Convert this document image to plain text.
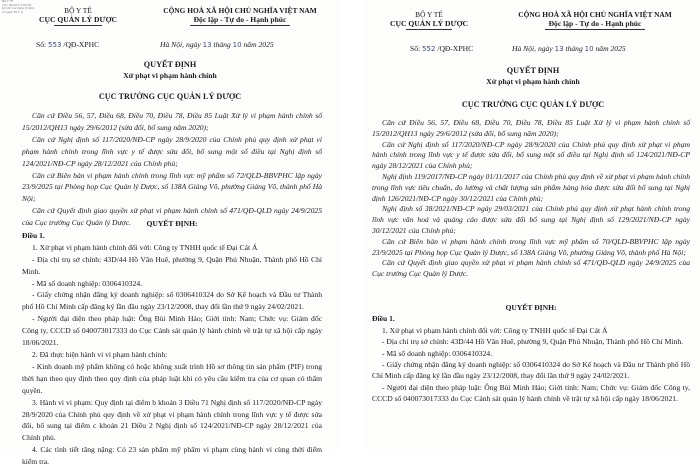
BỘ Y TẾ
CỤC QUẢN LÝ DƯỢC
Ký bởi: Cục Quản lý Dược
Cơ quan: Bộ Y tế	BỘ Y TẾ
CỤC QUẢN LÝ DƯỢC
CỘNG HOÀ XÃ HỘI CHỦ NGHĨA VIỆT NAM
Độc lập - Tự do - Hạnh phúc
Số: 553 /QĐ-XPHC	Hà Nội, ngày 13 tháng 10 năm 2025
QUYẾT ĐỊNH
Xử phạt vi phạm hành chính
CỤC TRƯỞNG CỤC QUẢN LÝ DƯỢC

Căn cứ Điều 56, 57, Điều 68, Điều 70, Điều 78, Điều 85 Luật Xử lý vi phạm hành chính số 15/2012/QH13 ngày 29/6/2012 (sửa đổi, bổ sung năm 2020);

Căn cứ Nghị định số 117/2020/NĐ-CP ngày 28/9/2020 của Chính phủ quy định xử phạt vi phạm hành chính trong lĩnh vực y tế được sửa đổi, bổ sung một số điều tại Nghị định số 124/2021/NĐ-CP ngày 28/12/2021 của Chính phủ;

Căn cứ Biên bản vi phạm hành chính trong lĩnh vực mỹ phẩm số 72/QLD-BBVPHC lập ngày 23/9/2025 tại Phòng họp Cục Quản lý Dược, số 138A Giảng Võ, phường Giảng Võ, thành phố Hà Nội;

Căn cứ Quyết định giao quyền xử phạt vi phạm hành chính số 471/QĐ-QLD ngày 24/9/2025 của Cục trưởng Cục Quản lý Dược.	QUYẾT ĐỊNH:

Điều 1.

1. Xử phạt vi phạm hành chính đối với: Công ty TNHH quốc tế Đại Cát Á

- Địa chỉ trụ sở chính: 43D/44 Hồ Văn Huê, phường 9, Quận Phú Nhuận, Thành phố Hồ Chí Minh.

- Mã số doanh nghiệp: 0306410324.

- Giấy chứng nhận đăng ký doanh nghiệp: số 0306410324 do Sở Kế hoạch và Đầu tư Thành phố Hồ Chí Minh cấp đăng ký lần đầu ngày 23/12/2008, thay đổi lần thứ 9 ngày 24/02/2021.

- Người đại diện theo pháp luật: Ông Bùi Minh Hảo; Giới tính: Nam; Chức vụ: Giám đốc Công ty, CCCD số 040073017333 do Cục Cảnh sát quản lý hành chính về trật tự xã hội cấp ngày 18/06/2021.

2. Đã thực hiện hành vi vi phạm hành chính:

- Kinh doanh mỹ phẩm không có hoặc không xuất trình Hồ sơ thông tin sản phẩm (PIF) trong thời hạn theo quy định theo quy định của pháp luật khi có yêu cầu kiểm tra của cơ quan có thẩm quyền.

3. Hành vi vi phạm: Quy định tại điểm b khoản 3 Điều 71 Nghị định số 117/2020/NĐ-CP ngày 28/9/2020 của Chính phủ quy định về xử phạt vi phạm hành chính trong lĩnh vực y tế được sửa đổi, bổ sung tại điểm c khoản 21 Điều 2 Nghị định số 124/2021/NĐ-CP ngày 28/12/2021 của Chính phủ.

4. Các tình tiết tăng nặng: Có 23 sản phẩm mỹ phẩm vi phạm cùng hành vi cùng thời điểm kiểm tra.

BỘ Y TẾ
CỤC QUẢN LÝ DƯỢC
CỘNG HOÀ XÃ HỘI CHỦ NGHĨA VIỆT NAM
Độc lập - Tự do - Hạnh phúc
Số: 552 /QĐ-XPHC	Hà Nội, ngày 13 tháng 10 năm 2025
QUYẾT ĐỊNH
Xử phạt vi phạm hành chính
CỤC TRƯỞNG CỤC QUẢN LÝ DƯỢC

Căn cứ Điều 56, 57, Điều 68, Điều 70, Điều 78, Điều 85 Luật Xử lý vi phạm hành chính số 15/2012/QH13 ngày 29/6/2012 (sửa đổi, bổ sung năm 2020);

Căn cứ Nghị định số 117/2020/NĐ-CP ngày 28/9/2020 của Chính phủ quy định xử phạt vi phạm hành chính trong lĩnh vực y tế được sửa đổi, bổ sung một số điều tại Nghị định số 124/2021/NĐ-CP ngày 28/12/2021 của Chính phủ;

Nghị định 119/2017/NĐ-CP ngày 01/11/2017 của Chính phủ quy định về xử phạt vi phạm hành chính trong lĩnh vực tiêu chuẩn, đo lường và chất lượng sản phẩm hàng hóa được sửa đổi bổ sung tại Nghị định 126/2021/NĐ-CP ngày 30/12/2021 của Chính phủ;

Nghị định số 38/2021/NĐ-CP ngày 29/03/2021 của Chính phủ quy định xử phạt hành chính trong lĩnh vực văn hoá và quảng cáo được sửa đổi bổ sung tại Nghị định số 129/2021/NĐ-CP ngày 30/12/2021 của Chính phủ;

Căn cứ Biên bản vi phạm hành chính trong lĩnh vực mỹ phẩm số 70/QLD-BBVPHC lập ngày 23/9/2025 tại Phòng họp Cục Quản lý Dược, số 138A Giảng Võ, phường Giảng Võ, thành phố Hà Nội;

Căn cứ Quyết định giao quyền xử phạt vi phạm hành chính số 471/QĐ-QLD ngày 24/9/2025 của Cục trưởng Cục Quản lý Dược.

QUYẾT ĐỊNH:

Điều 1.

1. Xử phạt vi phạm hành chính đối với: Công ty TNHH quốc tế Đại Cát Á

- Địa chỉ trụ sở chính: 43D/44 Hồ Văn Huê, phường 9, Quận Phú Nhuận, Thành phố Hồ Chí Minh.

- Mã số doanh nghiệp: 0306410324.

- Giấy chứng nhận đăng ký doanh nghiệp: số 0306410324 do Sở Kế hoạch và Đầu tư Thành phố Hồ Chí Minh cấp đăng ký lần đầu ngày 23/12/2008, thay đổi lần thứ 9 ngày 24/02/2021.

- Người đại diện theo pháp luật: Ông Bùi Minh Hảo; Giới tính: Nam; Chức vụ: Giám đốc Công ty, CCCD số 040073017333 do Cục Cảnh sát quản lý hành chính về trật tự xã hội cấp ngày 18/06/2021.
